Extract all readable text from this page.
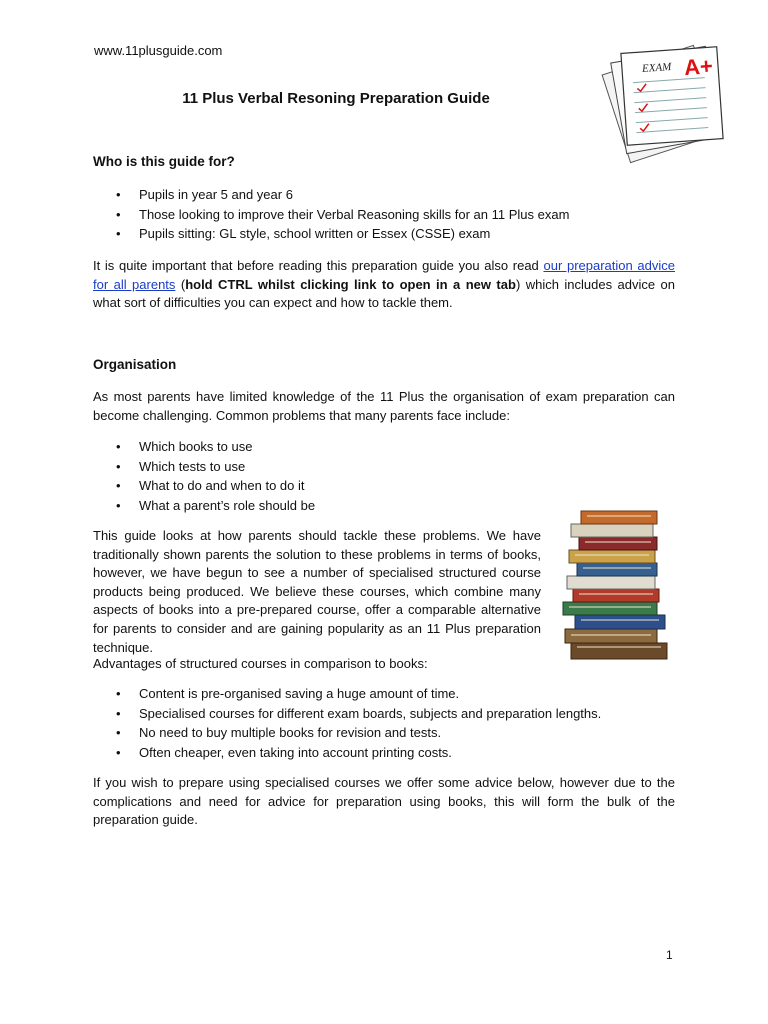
www.11plusguide.com
11 Plus Verbal Resoning Preparation Guide
EXAM A+
Who is this guide for?
• Pupils in year 5 and year 6
• Those looking to improve their Verbal Reasoning skills for an 11 Plus exam
• Pupils sitting: GL style, school written or Essex (CSSE) exam
It is quite important that before reading this preparation guide you also read our preparation advice for all parents (hold CTRL whilst clicking link to open in a new tab) which includes advice on what sort of difficulties you can expect and how to tackle them.
Organisation
As most parents have limited knowledge of the 11 Plus the organisation of exam preparation can become challenging. Common problems that many parents face include:
• Which books to use
• Which tests to use
• What to do and when to do it
• What a parent’s role should be
This guide looks at how parents should tackle these problems. We have traditionally shown parents the solution to these problems in terms of books, however, we have begun to see a number of specialised structured course products being produced. We believe these courses, which combine many aspects of books into a pre-prepared course, offer a comparable alternative for parents to consider and are gaining popularity as an 11 Plus preparation technique.
Advantages of structured courses in comparison to books:
• Content is pre-organised saving a huge amount of time.
• Specialised courses for different exam boards, subjects and preparation lengths.
• No need to buy multiple books for revision and tests.
• Often cheaper, even taking into account printing costs.
If you wish to prepare using specialised courses we offer some advice below, however due to the complications and need for advice for preparation using books, this will form the bulk of the preparation guide.
1
